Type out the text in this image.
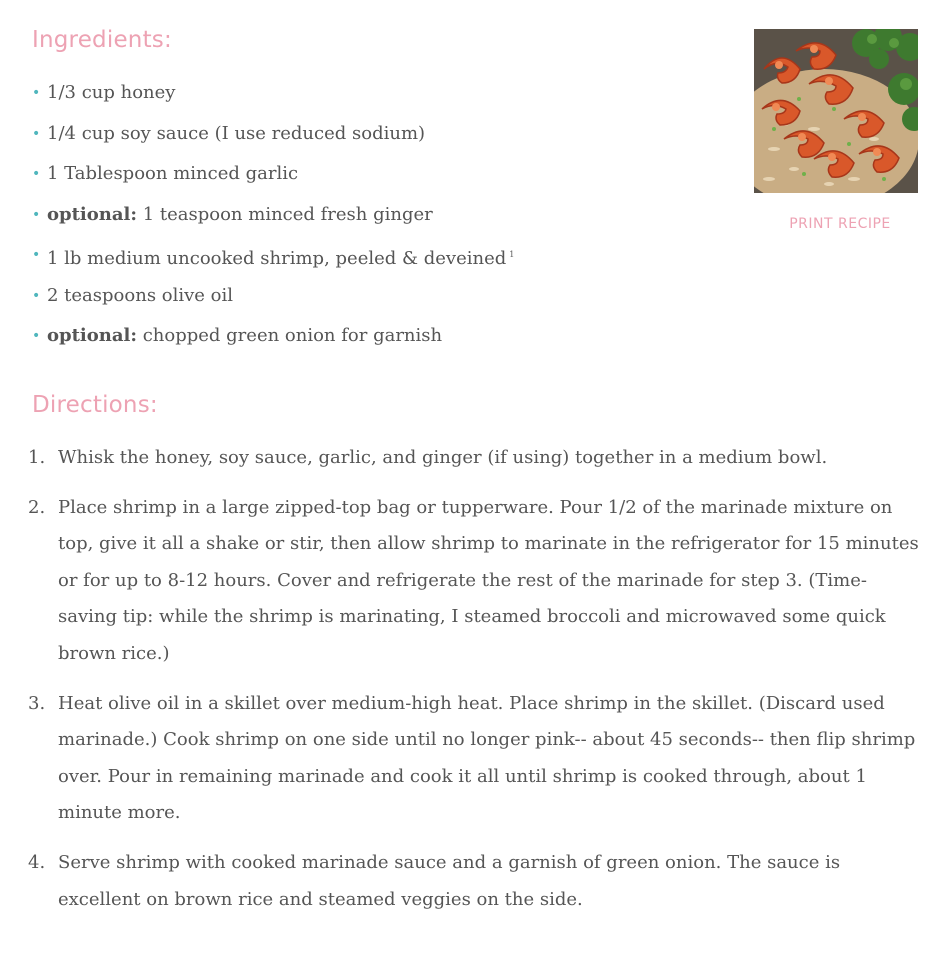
Ingredients:
• 1/3 cup honey
• 1/4 cup soy sauce (I use reduced sodium)
• 1 Tablespoon minced garlic
• optional: 1 teaspoon minced fresh ginger
• 1 lb medium uncooked shrimp, peeled & deveined $^1$
• 2 teaspoons olive oil
• optional: chopped green onion for garnish
PRINT RECIPE
Directions:
1. Whisk the honey, soy sauce, garlic, and ginger (if using) together in a medium bowl.
2. Place shrimp in a large zipped-top bag or tupperware. Pour 1/2 of the marinade mixture on top, give it all a shake or stir, then allow shrimp to marinate in the refrigerator for 15 minutes or for up to 8-12 hours. Cover and refrigerate the rest of the marinade for step 3. (Time-saving tip: while the shrimp is marinating, I steamed broccoli and microwaved some quick brown rice.)
3. Heat olive oil in a skillet over medium-high heat. Place shrimp in the skillet. (Discard used marinade.) Cook shrimp on one side until no longer pink-- about 45 seconds-- then flip shrimp over. Pour in remaining marinade and cook it all until shrimp is cooked through, about 1 minute more.
4. Serve shrimp with cooked marinade sauce and a garnish of green onion. The sauce is excellent on brown rice and steamed veggies on the side.
